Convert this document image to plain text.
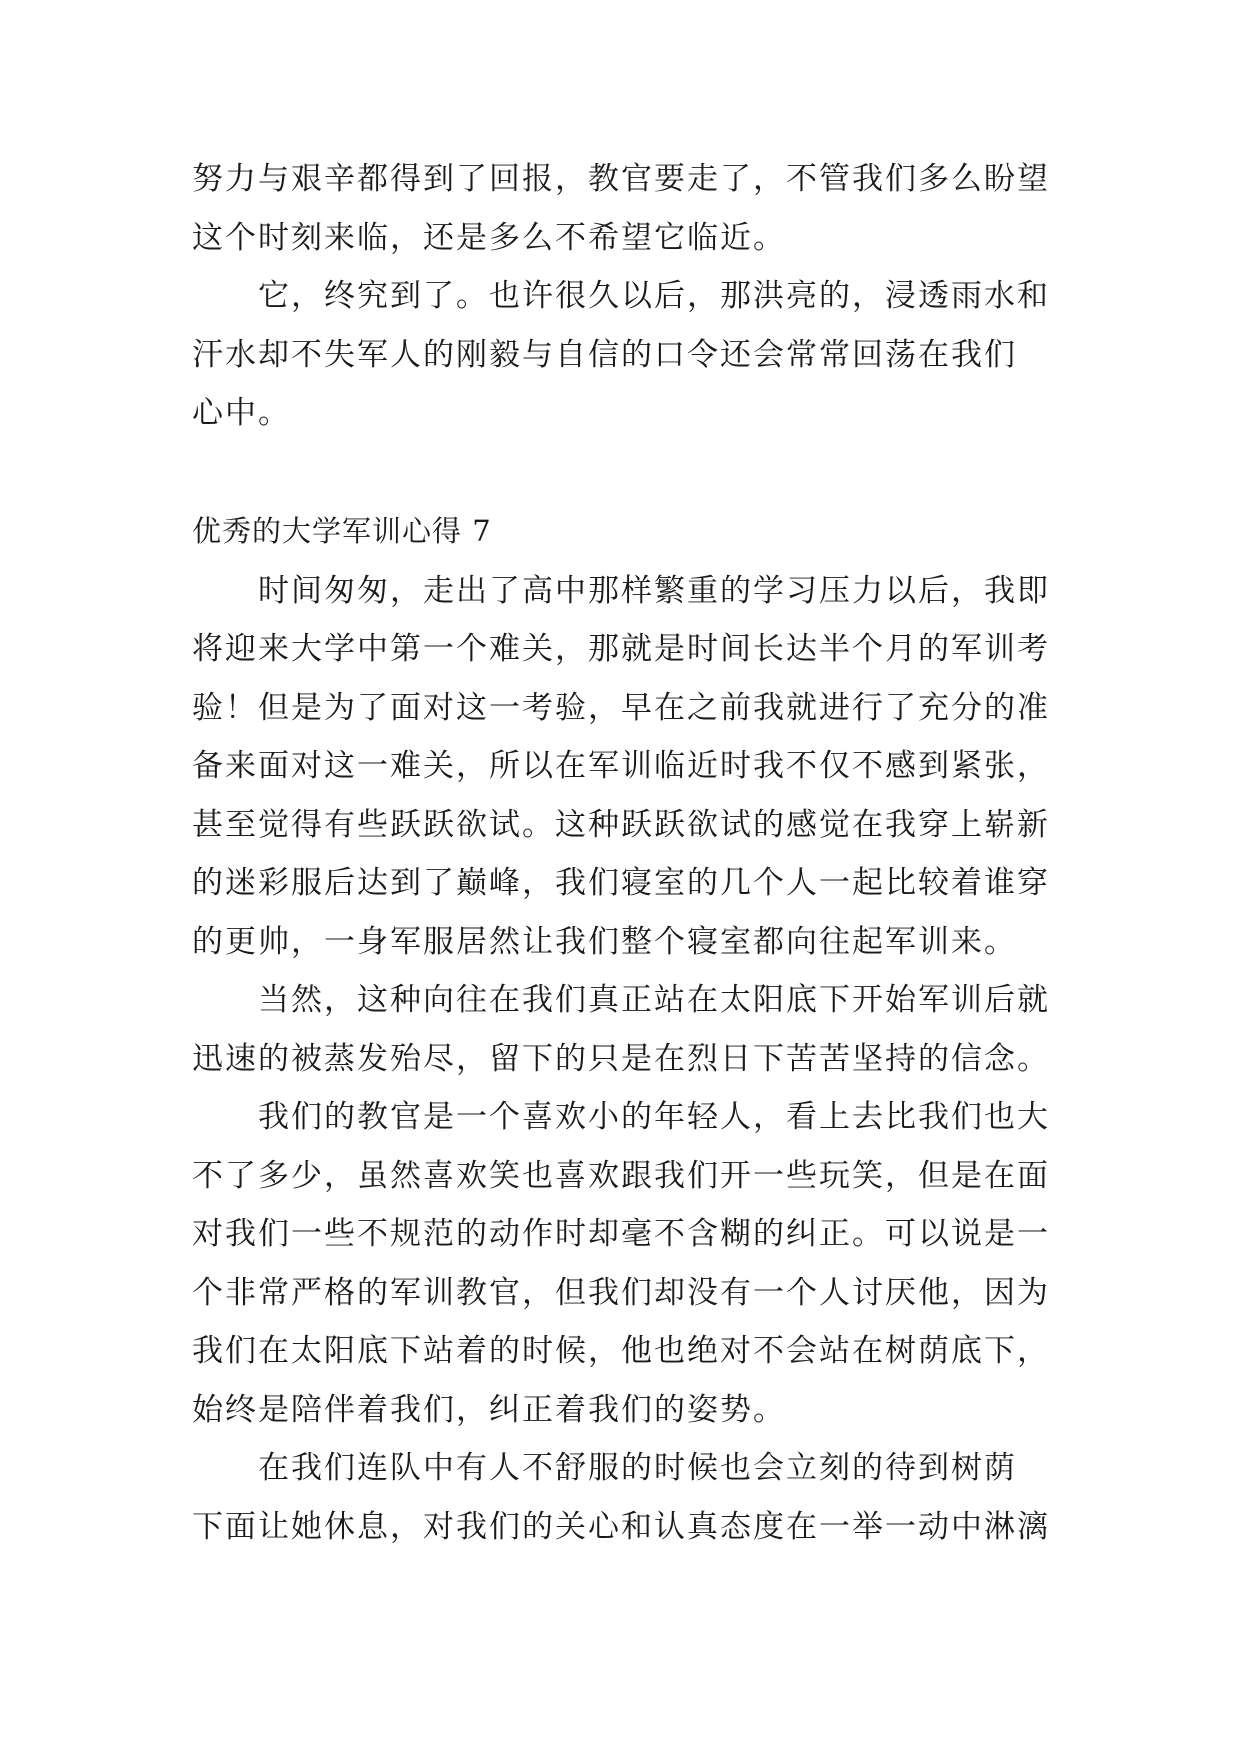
努力与艰辛都得到了回报，教官要走了，不管我们多么盼望
这个时刻来临，还是多么不希望它临近。

它，终究到了。也许很久以后，那洪亮的，浸透雨水和
汗水却不失军人的刚毅与自信的口令还会常常回荡在我们
心中。

优秀的大学军训心得 7

时间匆匆，走出了高中那样繁重的学习压力以后，我即
将迎来大学中第一个难关，那就是时间长达半个月的军训考
验！但是为了面对这一考验，早在之前我就进行了充分的准
备来面对这一难关，所以在军训临近时我不仅不感到紧张，
甚至觉得有些跃跃欲试。这种跃跃欲试的感觉在我穿上崭新
的迷彩服后达到了巅峰，我们寝室的几个人一起比较着谁穿
的更帅，一身军服居然让我们整个寝室都向往起军训来。

当然，这种向往在我们真正站在太阳底下开始军训后就
迅速的被蒸发殆尽，留下的只是在烈日下苦苦坚持的信念。

我们的教官是一个喜欢小的年轻人，看上去比我们也大
不了多少，虽然喜欢笑也喜欢跟我们开一些玩笑，但是在面
对我们一些不规范的动作时却毫不含糊的纠正。可以说是一
个非常严格的军训教官，但我们却没有一个人讨厌他，因为
我们在太阳底下站着的时候，他也绝对不会站在树荫底下，
始终是陪伴着我们，纠正着我们的姿势。

在我们连队中有人不舒服的时候也会立刻的待到树荫
下面让她休息，对我们的关心和认真态度在一举一动中淋漓
